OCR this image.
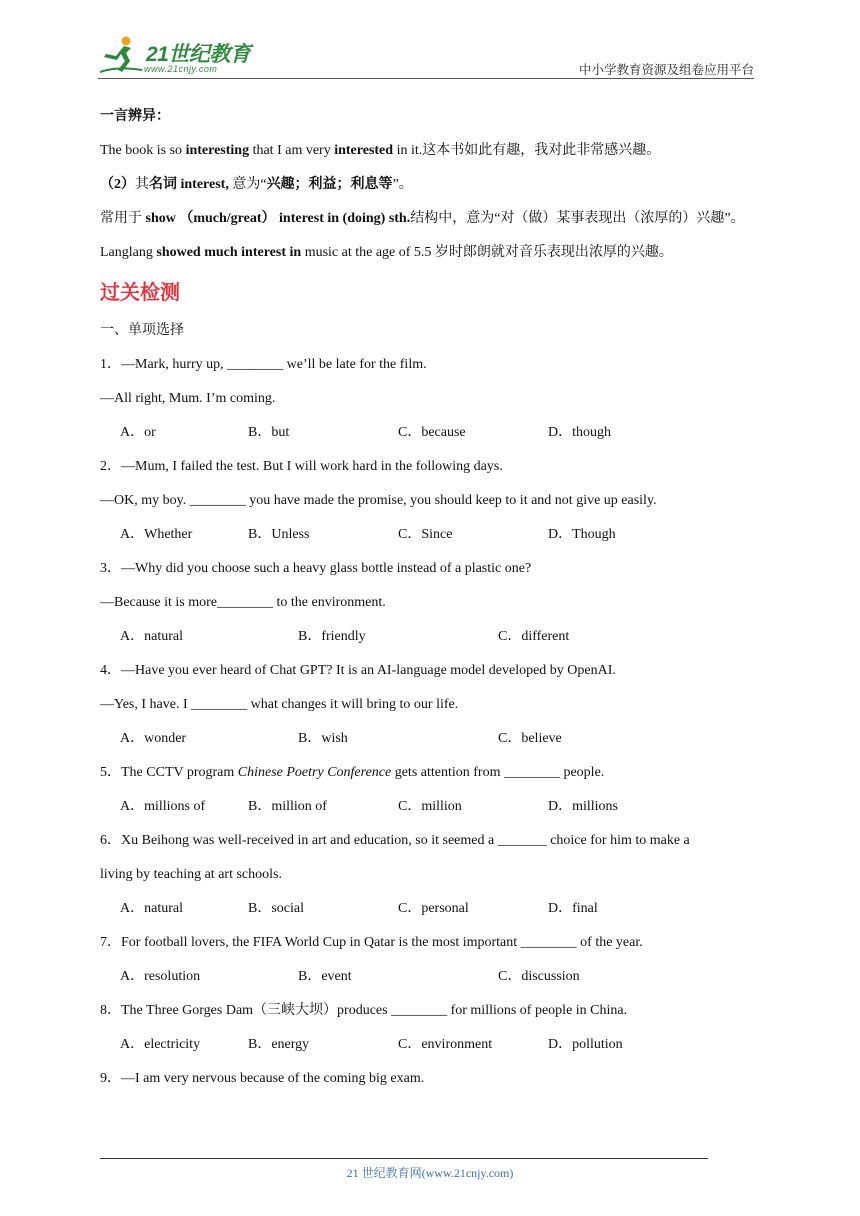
21世纪教育
www.21cnjy.com	中小学教育资源及组卷应用平台

一言辨异：

The book is so interesting that I am very interested in it.这本书如此有趣，我对此非常感兴趣。

（2）其名词 interest, 意为“兴趣；利益；利息等”。

常用于 show （much/great） interest in (doing) sth.结构中，意为“对（做）某事表现出（浓厚的）兴趣”。

Langlang showed much interest in music at the age of 5.5 岁时郎朗就对音乐表现出浓厚的兴趣。

过关检测

一、单项选择

1．—Mark, hurry up, ________ we’ll be late for the film.

—All right, Mum. I’m coming.

A．or	B．but	C．because	D．though

2．—Mum, I failed the test. But I will work hard in the following days.

—OK, my boy. ________ you have made the promise, you should keep to it and not give up easily.

A．Whether	B．Unless	C．Since	D．Though

3．—Why did you choose such a heavy glass bottle instead of a plastic one?

—Because it is more________ to the environment.

A．natural	B．friendly	C．different

4．—Have you ever heard of Chat GPT? It is an AI-language model developed by OpenAI.

—Yes, I have. I ________ what changes it will bring to our life.

A．wonder	B．wish	C．believe

5．The CCTV program Chinese Poetry Conference gets attention from ________ people.

A．millions of	B．million of	C．million	D．millions

6．Xu Beihong was well-received in art and education, so it seemed a _______ choice for him to make a

living by teaching at art schools.

A．natural	B．social	C．personal	D．final

7．For football lovers, the FIFA World Cup in Qatar is the most important ________ of the year.

A．resolution	B．event	C．discussion

8．The Three Gorges Dam（三峡大坝）produces ________ for millions of people in China.

A．electricity	B．energy	C．environment	D．pollution

9．—I am very nervous because of the coming big exam.

21 世纪教育网(www.21cnjy.com)
